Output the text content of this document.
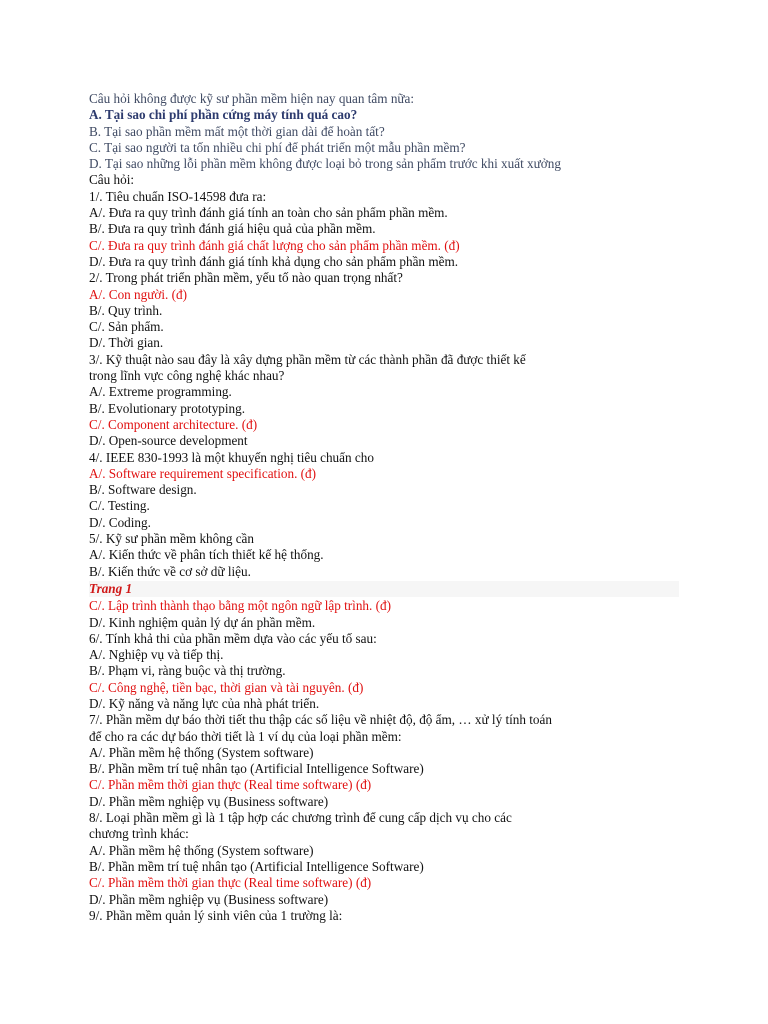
Câu hỏi không được kỹ sư phần mềm hiện nay quan tâm nữa:
A. Tại sao chi phí phần cứng máy tính quá cao?
B. Tại sao phần mềm mất một thời gian dài để hoàn tất?
C. Tại sao người ta tốn nhiều chi phí để phát triển một mẫu phần mềm?
D. Tại sao những lỗi phần mềm không được loại bỏ trong sản phẩm trước khi xuất xưởng
Câu hỏi:
1/. Tiêu chuẩn ISO-14598 đưa ra:
A/. Đưa ra quy trình đánh giá tính an toàn cho sản phẩm phần mềm.
B/. Đưa ra quy trình đánh giá hiệu quả của phần mềm.
C/. Đưa ra quy trình đánh giá chất lượng cho sản phẩm phần mềm. (đ)
D/. Đưa ra quy trình đánh giá tính khả dụng cho sản phẩm phần mềm.
2/. Trong phát triển phần mềm, yếu tố nào quan trọng nhất?
A/. Con người. (đ)
B/. Quy trình.
C/. Sản phẩm.
D/. Thời gian.
3/. Kỹ thuật nào sau đây là xây dựng phần mềm từ các thành phần đã được thiết kế
trong lĩnh vực công nghệ khác nhau?
A/. Extreme programming.
B/. Evolutionary prototyping.
C/. Component architecture. (đ)
D/. Open-source development
4/. IEEE 830-1993 là một khuyến nghị tiêu chuẩn cho
A/. Software requirement specification. (đ)
B/. Software design.
C/. Testing.
D/. Coding.
5/. Kỹ sư phần mềm không cần
A/. Kiến thức về phân tích thiết kế hệ thống.
B/. Kiến thức về cơ sở dữ liệu.
Trang 1
C/. Lập trình thành thạo bằng một ngôn ngữ lập trình. (đ)
D/. Kinh nghiệm quản lý dự án phần mềm.
6/. Tính khả thi của phần mềm dựa vào các yếu tố sau:
A/. Nghiệp vụ và tiếp thị.
B/. Phạm vi, ràng buộc và thị trường.
C/. Công nghệ, tiền bạc, thời gian và tài nguyên. (đ)
D/. Kỹ năng và năng lực của nhà phát triển.
7/. Phần mềm dự báo thời tiết thu thập các số liệu về nhiệt độ, độ ẩm, … xử lý tính toán
để cho ra các dự báo thời tiết là 1 ví dụ của loại phần mềm:
A/. Phần mềm hệ thống (System software)
B/. Phần mềm trí tuệ nhân tạo (Artificial Intelligence Software)
C/. Phần mềm thời gian thực (Real time software) (đ)
D/. Phần mềm nghiệp vụ (Business software)
8/. Loại phần mềm gì là 1 tập hợp các chương trình để cung cấp dịch vụ cho các
chương trình khác:
A/. Phần mềm hệ thống (System software)
B/. Phần mềm trí tuệ nhân tạo (Artificial Intelligence Software)
C/. Phần mềm thời gian thực (Real time software) (đ)
D/. Phần mềm nghiệp vụ (Business software)
9/. Phần mềm quản lý sinh viên của 1 trường là:
